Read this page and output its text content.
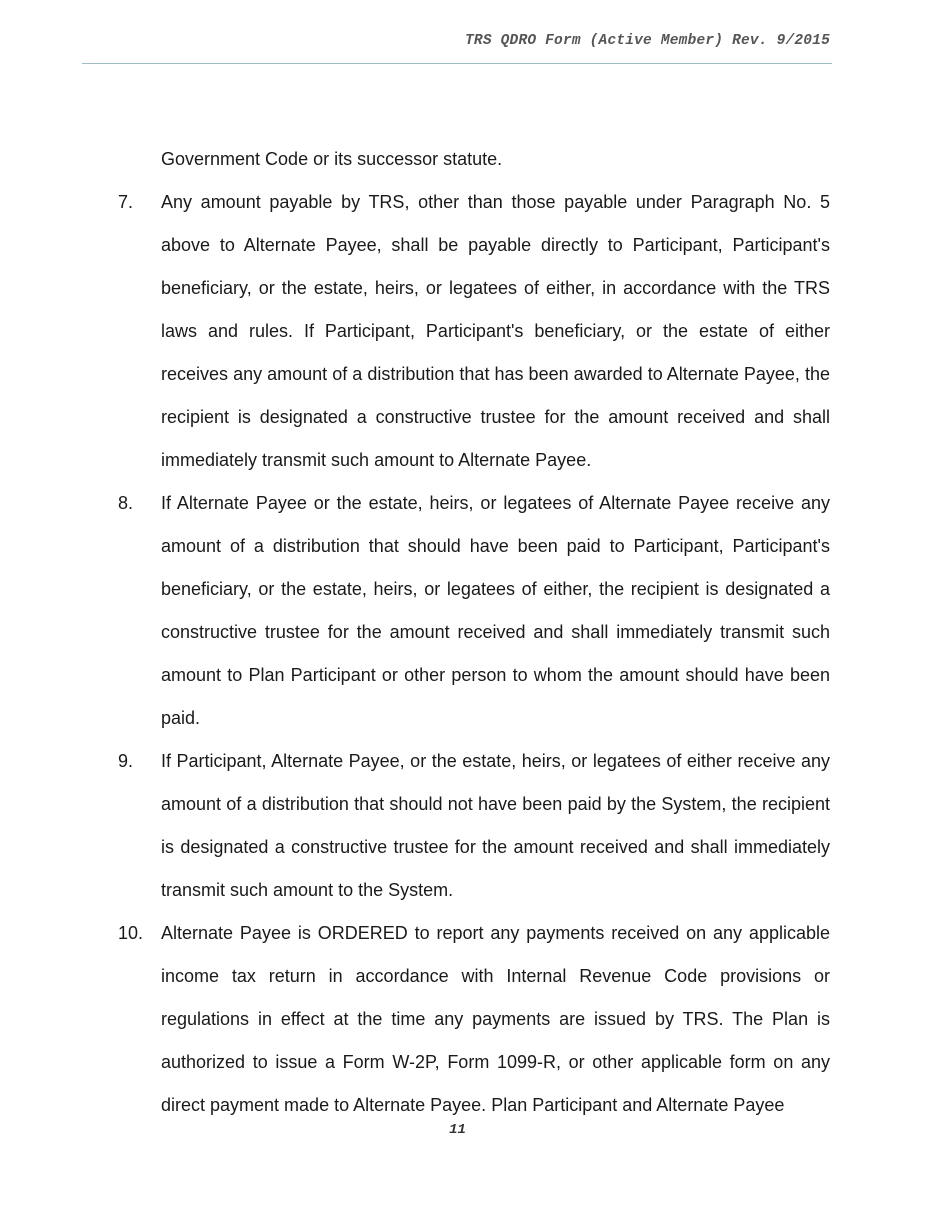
TRS QDRO Form (Active Member) Rev. 9/2015
Government Code or its successor statute.
7.	Any amount payable by TRS, other than those payable under Paragraph No. 5 above to Alternate Payee, shall be payable directly to Participant, Participant's beneficiary, or the estate, heirs, or legatees of either, in accordance with the TRS laws and rules. If Participant, Participant's beneficiary, or the estate of either receives any amount of a distribution that has been awarded to Alternate Payee, the recipient is designated a constructive trustee for the amount received and shall immediately transmit such amount to Alternate Payee.
8.	If Alternate Payee or the estate, heirs, or legatees of Alternate Payee receive any amount of a distribution that should have been paid to Participant, Participant's beneficiary, or the estate, heirs, or legatees of either, the recipient is designated a constructive trustee for the amount received and shall immediately transmit such amount to Plan Participant or other person to whom the amount should have been paid.
9.	If Participant, Alternate Payee, or the estate, heirs, or legatees of either receive any amount of a distribution that should not have been paid by the System, the recipient is designated a constructive trustee for the amount received and shall immediately transmit such amount to the System.
10. Alternate Payee is ORDERED to report any payments received on any applicable income tax return in accordance with Internal Revenue Code provisions or regulations in effect at the time any payments are issued by TRS. The Plan is authorized to issue a Form W-2P, Form 1099-R, or other applicable form on any direct payment made to Alternate Payee. Plan Participant and Alternate Payee
11
